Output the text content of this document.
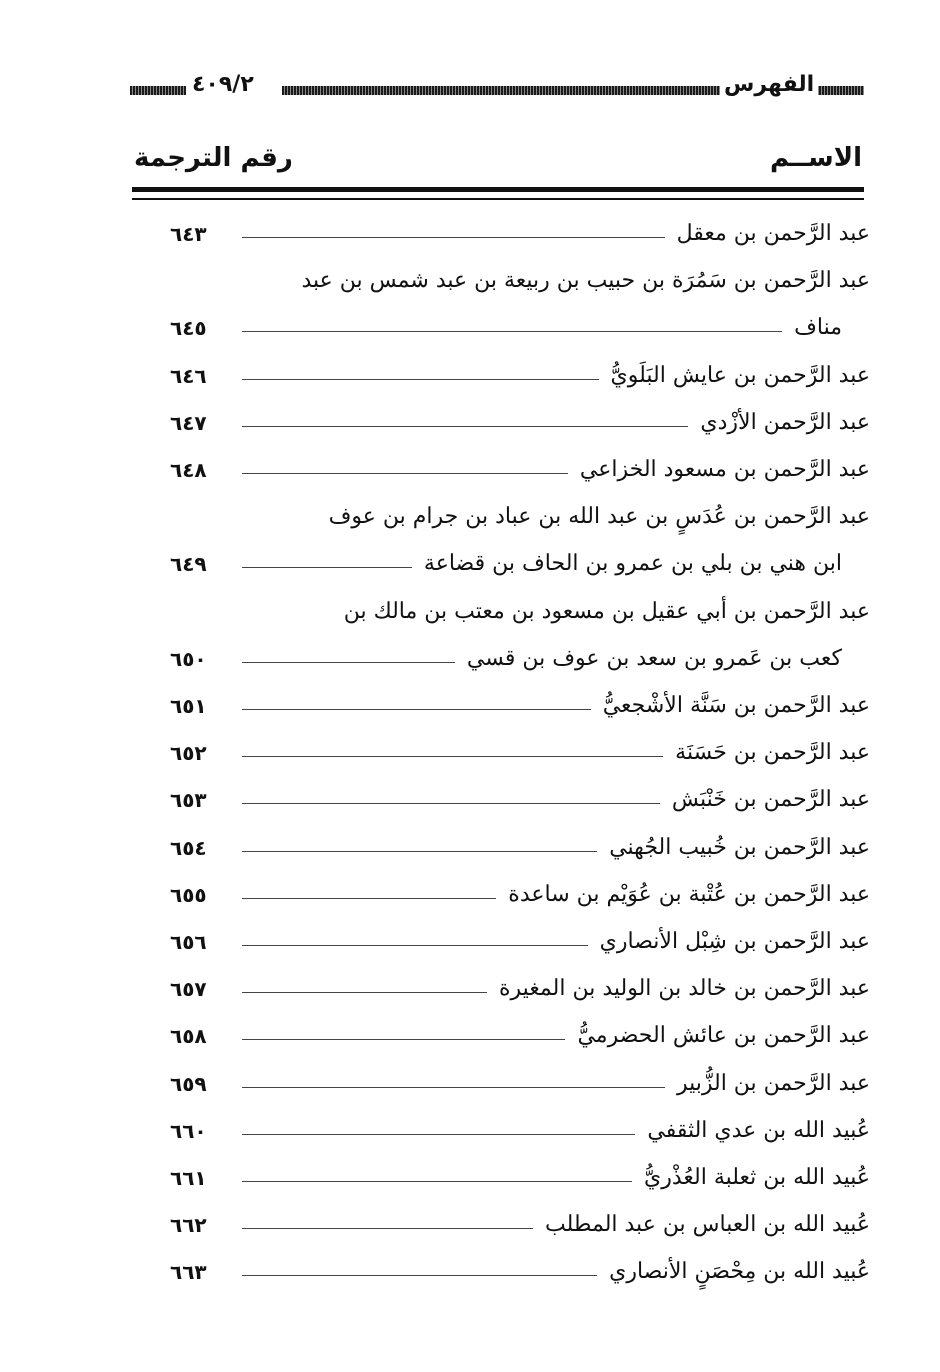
الفهرس
٤٠٩/٢
الاســم
رقم الترجمة
عبد الرَّحمن بن معقل
٦٤٣
عبد الرَّحمن بن سَمُرَة بن حبيب بن ربيعة بن عبد شمس بن عبد
مناف
٦٤٥
عبد الرَّحمن بن عايش البَلَويُّ
٦٤٦
عبد الرَّحمن الأزْدي
٦٤٧
عبد الرَّحمن بن مسعود الخزاعي
٦٤٨
عبد الرَّحمن بن عُدَسٍ بن عبد الله بن عباد بن جرام بن عوف
ابن هني بن بلي بن عمرو بن الحاف بن قضاعة
٦٤٩
عبد الرَّحمن بن أبي عقيل بن مسعود بن معتب بن مالك بن
كعب بن عَمرو بن سعد بن عوف بن قسي
٦٥٠
عبد الرَّحمن بن سَنَّة الأشْجعيُّ
٦٥١
عبد الرَّحمن بن حَسَنَة
٦٥٢
عبد الرَّحمن بن خَنْبَش
٦٥٣
عبد الرَّحمن بن خُبيب الجُهني
٦٥٤
عبد الرَّحمن بن عُتْبة بن عُوَيْم بن ساعدة
٦٥٥
عبد الرَّحمن بن شِبْل الأنصاري
٦٥٦
عبد الرَّحمن بن خالد بن الوليد بن المغيرة
٦٥٧
عبد الرَّحمن بن عائش الحضرميُّ
٦٥٨
عبد الرَّحمن بن الزُّبير
٦٥٩
عُبيد الله بن عدي الثقفي
٦٦٠
عُبيد الله بن ثعلبة العُذْريُّ
٦٦١
عُبيد الله بن العباس بن عبد المطلب
٦٦٢
عُبيد الله بن مِحْصَنٍ الأنصاري
٦٦٣
